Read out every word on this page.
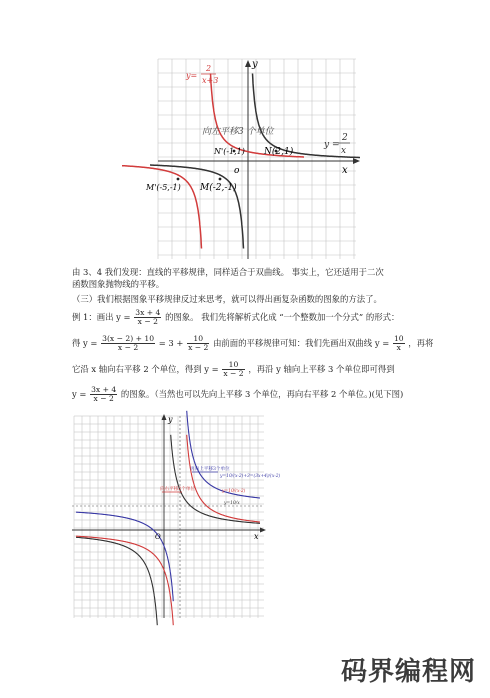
x
y
o
y=
2
x+3
y =
2
x
向左平移3 个单位
N'(-1,1) N(2,1)
M'(-5,-1) M(-2,-1)
由 3、4 我们发现：直线的平移规律，同样适合于双曲线。 事实上，它还适用于二次
函数图象抛物线的平移。
（三）我们根据图象平移规律反过来思考，就可以得出画复杂函数的图象的方法了。
例 1：画出 $y = \frac{3x + 4}{x - 2}$ 的图象。 我们先将解析式化成 “一个整数加一个分式” 的形式：
得 $y = \frac{3(x - 2) + 10}{x - 2} = 3 + \frac{10}{x - 2}$ 由前面的平移规律可知：我们先画出双曲线 $y = \frac{10}{x}$ ，再将
它沿 x 轴向右平移 2 个单位，得到 $y = \frac{10}{x - 2}$ ，再沿 y 轴向上平移 3 个单位即可得到
$y = \frac{3x + 4}{x - 2}$ 的图象。（当然也可以先向上平移 3 个单位，再向右平移 2 个单位。)(见下图)
再向上平移3个单位
向右平移2个单位
y=10/(x-2)+3=(3x+4)/(x-2)
y=10/(x-2)
y=10/x
x
y
O
码界编程网
